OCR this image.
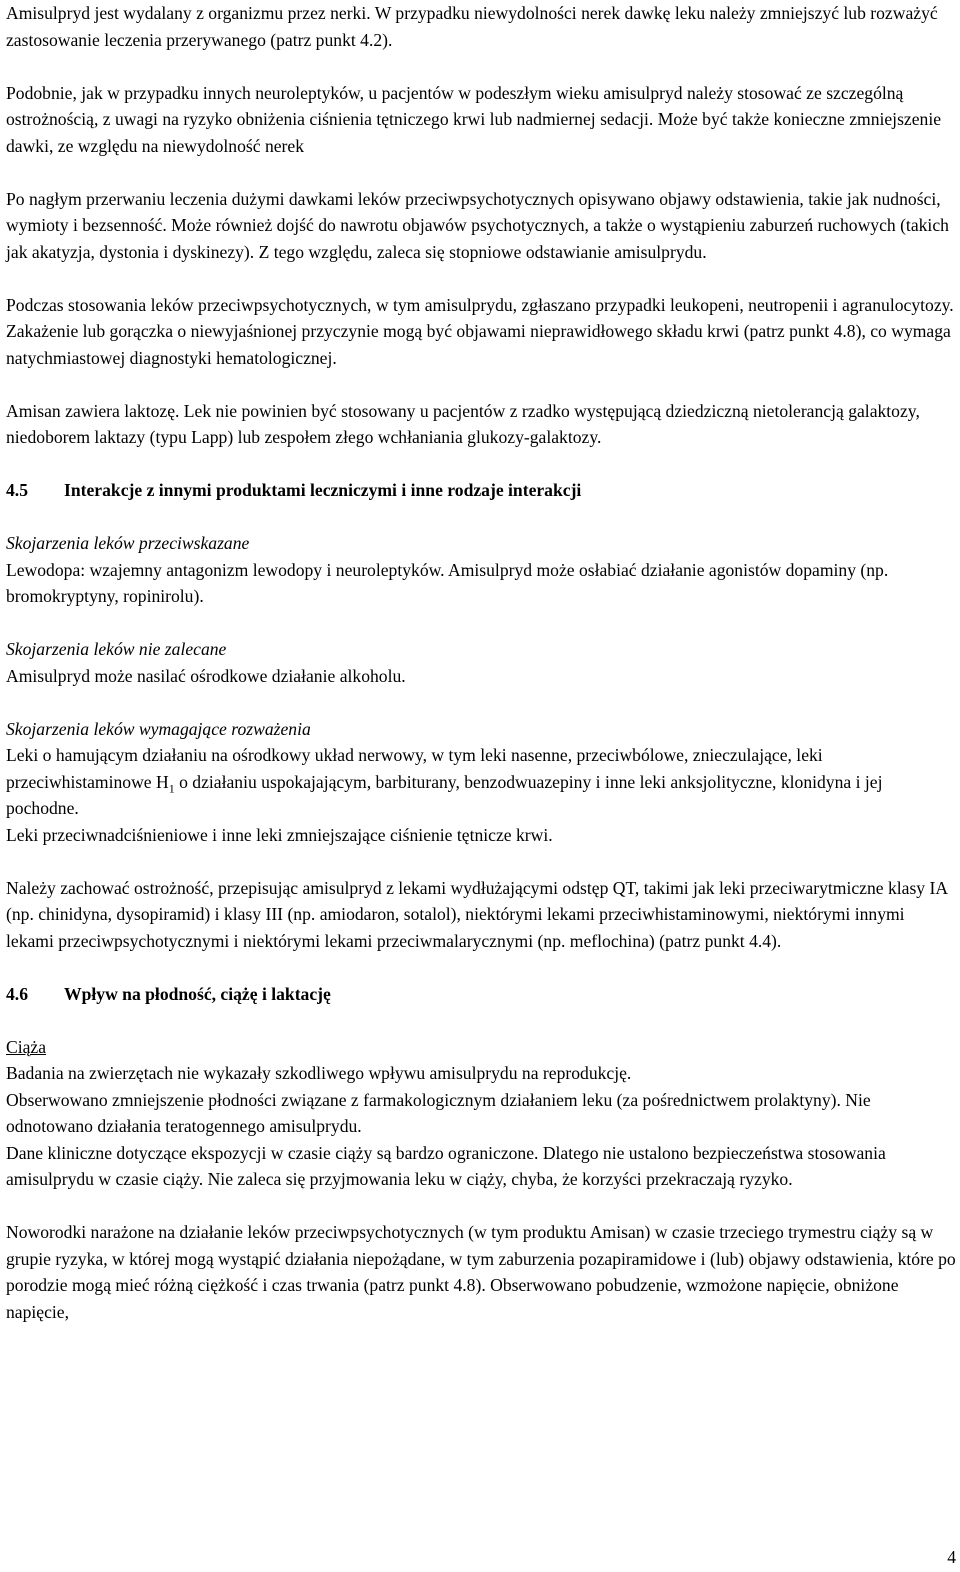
Amisulpryd jest wydalany z organizmu przez nerki. W przypadku niewydolności nerek dawkę leku należy zmniejszyć lub rozważyć zastosowanie leczenia przerywanego (patrz punkt 4.2).

Podobnie, jak w przypadku innych neuroleptyków, u pacjentów w podeszłym wieku amisulpryd należy stosować ze szczególną ostrożnością, z uwagi na ryzyko obniżenia ciśnienia tętniczego krwi lub nadmiernej sedacji. Może być także konieczne zmniejszenie dawki, ze względu na niewydolność nerek

Po nagłym przerwaniu leczenia dużymi dawkami leków przeciwpsychotycznych opisywano objawy odstawienia, takie jak nudności, wymioty i bezsenność. Może również dojść do nawrotu objawów psychotycznych, a także o wystąpieniu zaburzeń ruchowych (takich jak akatyzja, dystonia i dyskinezy). Z tego względu, zaleca się stopniowe odstawianie amisulprydu.

Podczas stosowania leków przeciwpsychotycznych, w tym amisulprydu, zgłaszano przypadki leukopeni, neutropenii i agranulocytozy. Zakażenie lub gorączka o niewyjaśnionej przyczynie mogą być objawami nieprawidłowego składu krwi (patrz punkt 4.8), co wymaga natychmiastowej diagnostyki hematologicznej.

Amisan zawiera laktozę. Lek nie powinien być stosowany u pacjentów z rzadko występującą dziedziczną nietolerancją galaktozy, niedoborem laktazy (typu Lapp) lub zespołem złego wchłaniania glukozy-galaktozy.

4.5 Interakcje z innymi produktami leczniczymi i inne rodzaje interakcji

Skojarzenia leków przeciwskazane

Lewodopa: wzajemny antagonizm lewodopy i neuroleptyków. Amisulpryd może osłabiać działanie agonistów dopaminy (np. bromokryptyny, ropinirolu).

Skojarzenia leków nie zalecane

Amisulpryd może nasilać ośrodkowe działanie alkoholu.

Skojarzenia leków wymagające rozważenia

Leki o hamującym działaniu na ośrodkowy układ nerwowy, w tym leki nasenne, przeciwbólowe, znieczulające, leki przeciwhistaminowe $H_1$ o działaniu uspokajającym, barbiturany, benzodwuazepiny i inne leki anksjolityczne, klonidyna i jej pochodne.

Leki przeciwnadciśnieniowe i inne leki zmniejszające ciśnienie tętnicze krwi.

Należy zachować ostrożność, przepisując amisulpryd z lekami wydłużającymi odstęp QT, takimi jak leki przeciwarytmiczne klasy IA (np. chinidyna, dysopiramid) i klasy III (np. amiodaron, sotalol), niektórymi lekami przeciwhistaminowymi, niektórymi innymi lekami przeciwpsychotycznymi i niektórymi lekami przeciwmalarycznymi (np. meflochina) (patrz punkt 4.4).

4.6 Wpływ na płodność, ciążę i laktację

Ciąża

Badania na zwierzętach nie wykazały szkodliwego wpływu amisulprydu na reprodukcję.

Obserwowano zmniejszenie płodności związane z farmakologicznym działaniem leku (za pośrednictwem prolaktyny). Nie odnotowano działania teratogennego amisulprydu.

Dane kliniczne dotyczące ekspozycji w czasie ciąży są bardzo ograniczone. Dlatego nie ustalono bezpieczeństwa stosowania amisulprydu w czasie ciąży. Nie zaleca się przyjmowania leku w ciąży, chyba, że korzyści przekraczają ryzyko.

Noworodki narażone na działanie leków przeciwpsychotycznych (w tym produktu Amisan) w czasie trzeciego trymestru ciąży są w grupie ryzyka, w której mogą wystąpić działania niepożądane, w tym zaburzenia pozapiramidowe i (lub) objawy odstawienia, które po porodzie mogą mieć różną ciężkość i czas trwania (patrz punkt 4.8). Obserwowano pobudzenie, wzmożone napięcie, obniżone napięcie,

4
